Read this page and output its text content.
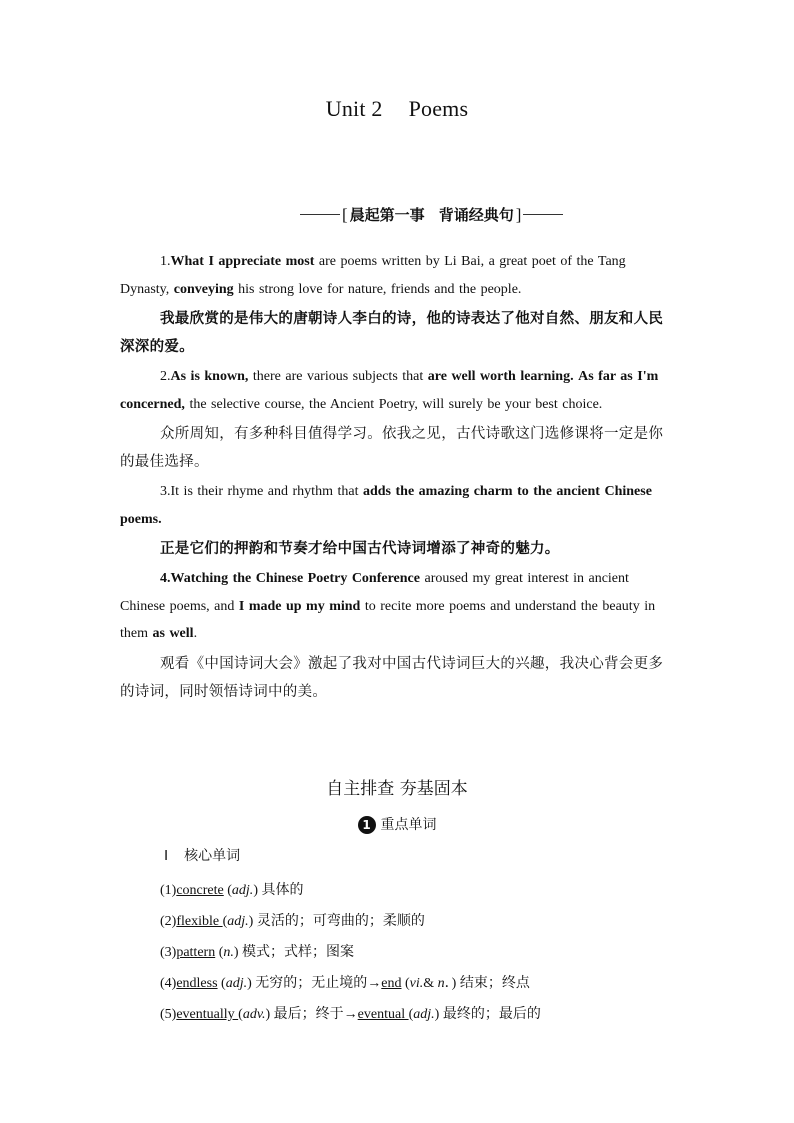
Unit 2 Poems
[ 晨起第一事 背诵经典句 ]

1.What I appreciate most are poems written by Li Bai, a great poet of the Tang Dynasty, conveying his strong love for nature, friends and the people.

我最欣赏的是伟大的唐朝诗人李白的诗，他的诗表达了他对自然、朋友和人民深深的爱。

2.As is known, there are various subjects that are well worth learning. As far as I'm concerned, the selective course, the Ancient Poetry, will surely be your best choice.

众所周知，有多种科目值得学习。依我之见，古代诗歌这门选修课将一定是你的最佳选择。

3.It is their rhyme and rhythm that adds the amazing charm to the ancient Chinese poems.

正是它们的押韵和节奏才给中国古代诗词增添了神奇的魅力。

4.Watching the Chinese Poetry Conference aroused my great interest in ancient Chinese poems, and I made up my mind to recite more poems and understand the beauty in them as well.

观看《中国诗词大会》激起了我对中国古代诗词巨大的兴趣，我决心背会更多的诗词，同时领悟诗词中的美。

自主排查 夯基固本
1 重点单词
Ⅰ 核心单词
(1)concrete (adj.) 具体的
(2)flexible (adj.) 灵活的；可弯曲的；柔顺的
(3)pattern (n.) 模式；式样；图案
(4)endless (adj.) 无穷的；无止境的→end (vi.& n．) 结束；终点
(5)eventually (adv.) 最后；终于→eventual (adj.) 最终的；最后的
